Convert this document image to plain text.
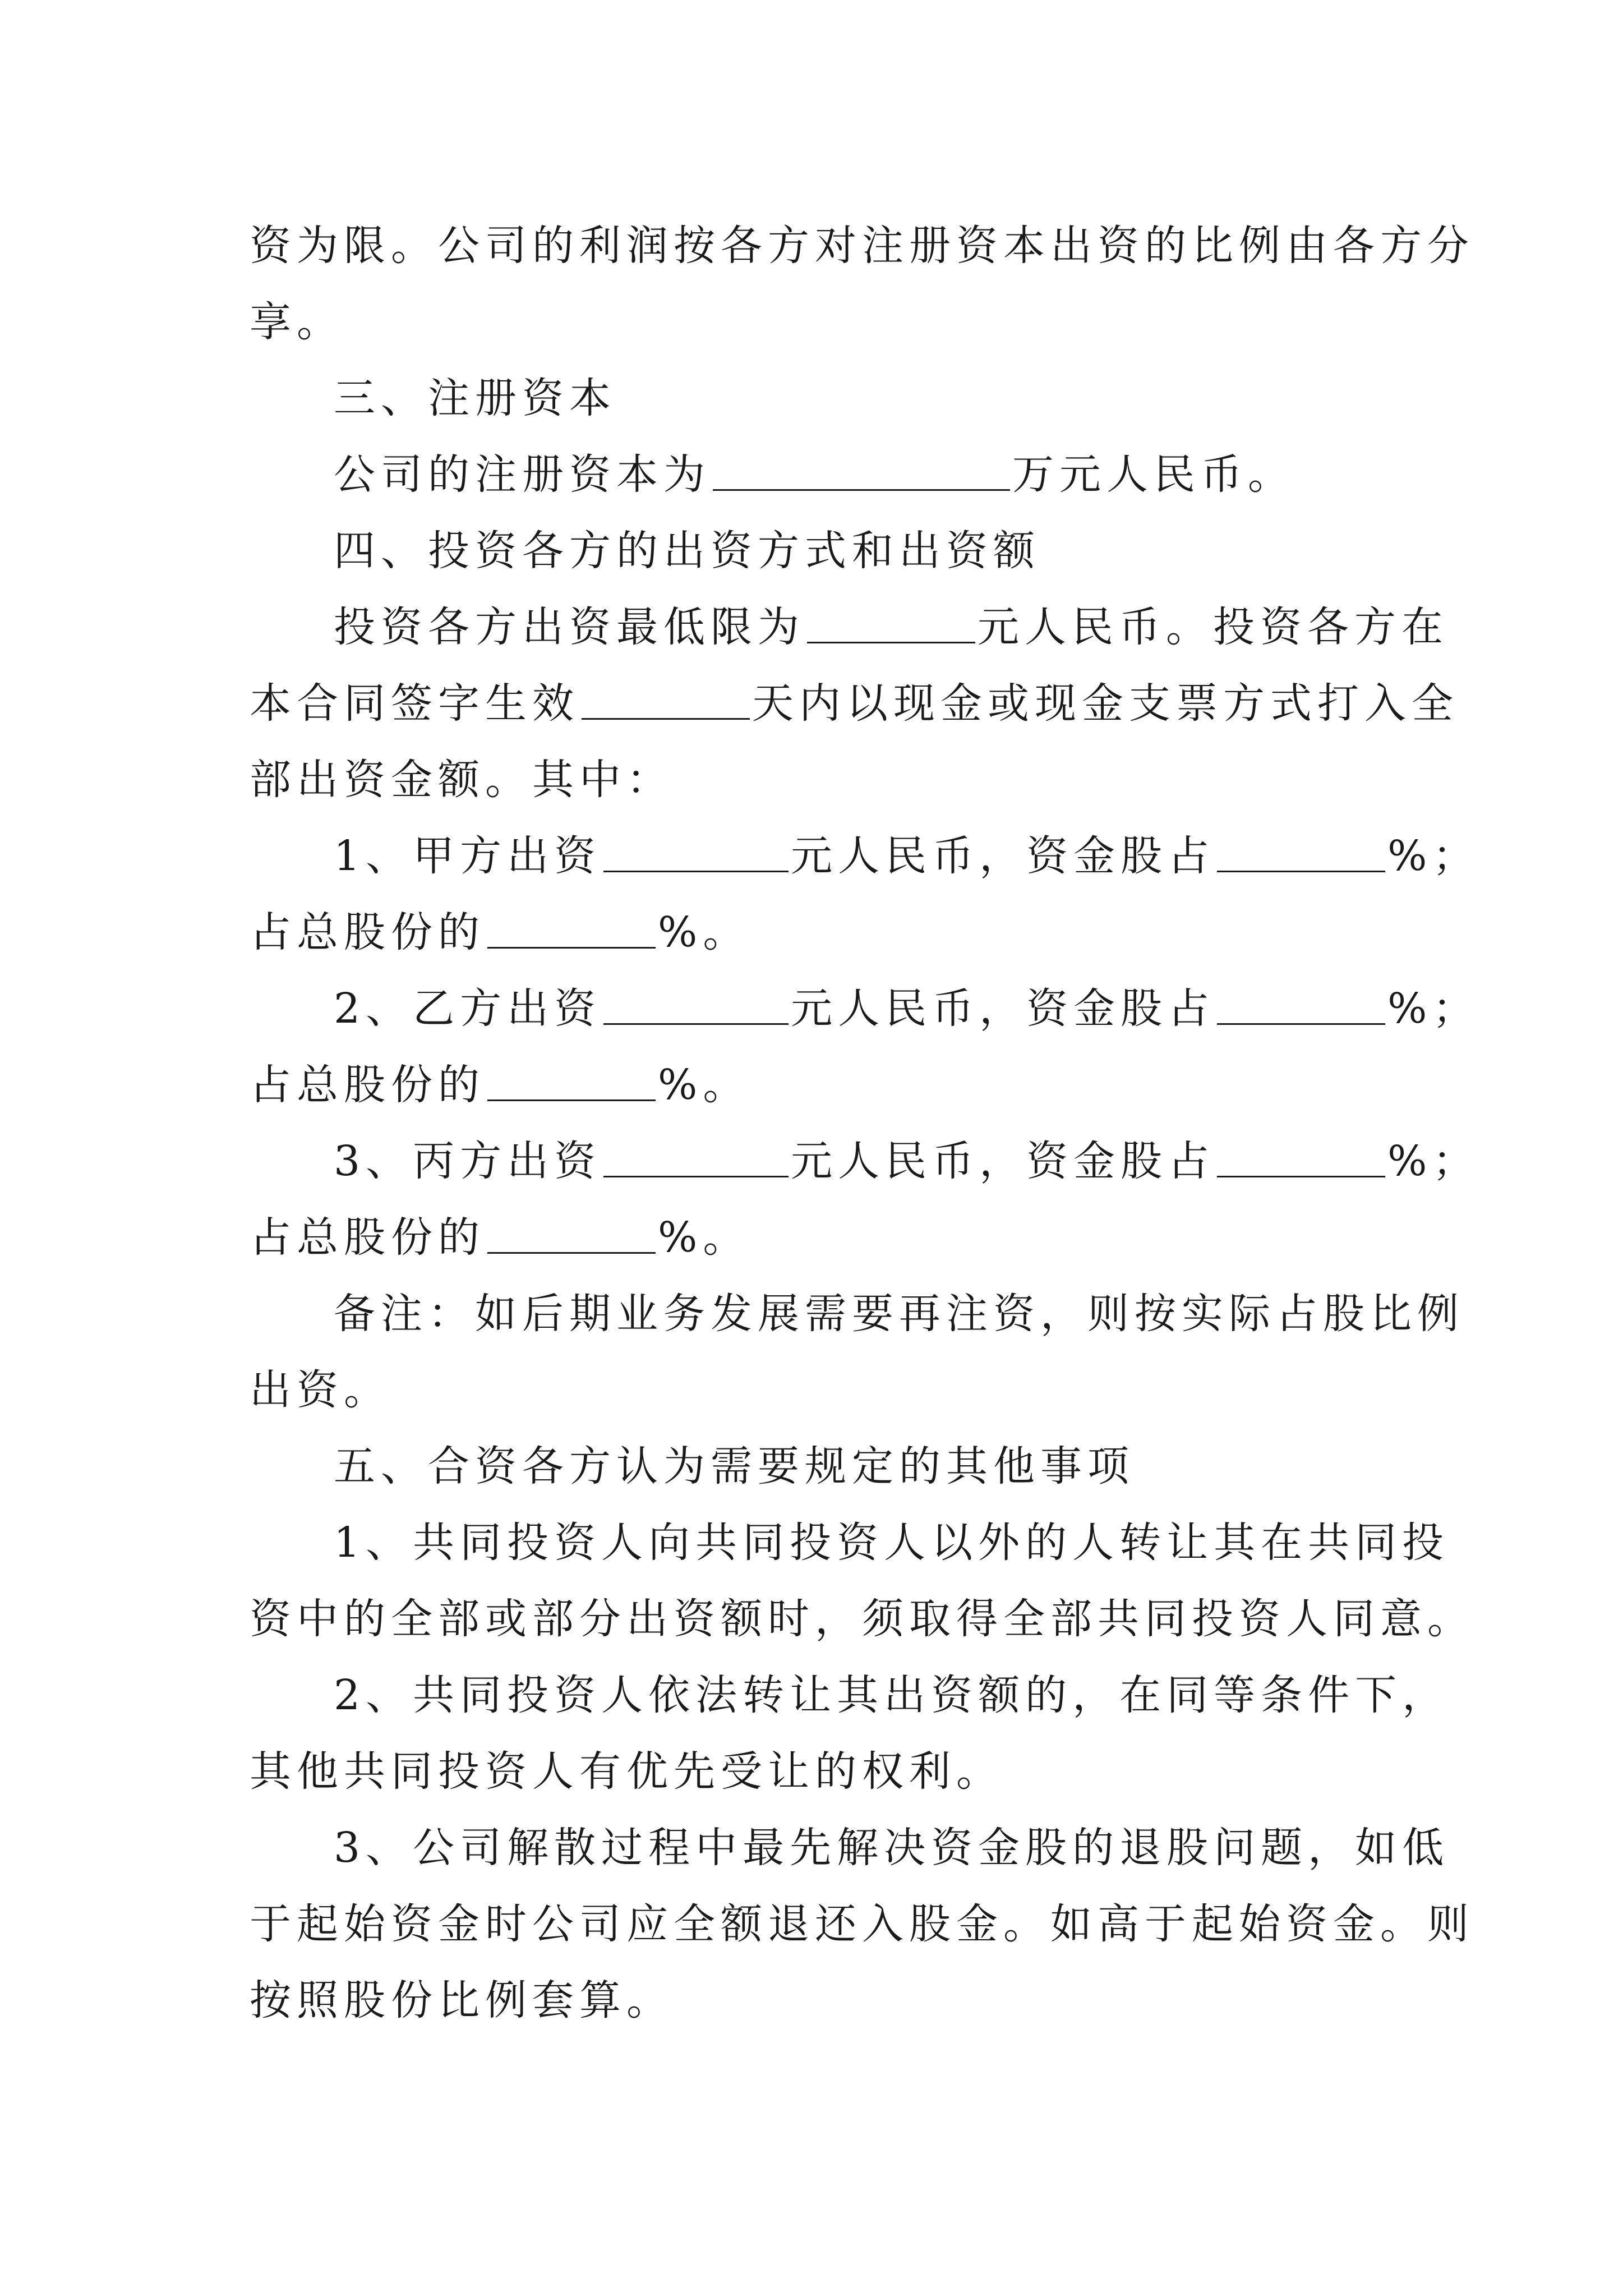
资为限。公司的利润按各方对注册资本出资的比例由各方分
享。
三、注册资本
公司的注册资本为	万元人民币。
四、投资各方的出资方式和出资额
投资各方出资最低限为	元人民币。投资各方在
本合同签字生效	天内以现金或现金支票方式打入全
部出资金额。其中：
1、甲方出资	元人民币，资金股占	%；
占总股份的	%。
2、乙方出资	元人民币，资金股占	%；
占总股份的	%。
3、丙方出资	元人民币，资金股占	%；
占总股份的	%。
备注：如后期业务发展需要再注资，则按实际占股比例
出资。
五、合资各方认为需要规定的其他事项
1、共同投资人向共同投资人以外的人转让其在共同投
资中的全部或部分出资额时，须取得全部共同投资人同意。
2、共同投资人依法转让其出资额的，在同等条件下，
其他共同投资人有优先受让的权利。
3、公司解散过程中最先解决资金股的退股问题，如低
于起始资金时公司应全额退还入股金。如高于起始资金。则
按照股份比例套算。
